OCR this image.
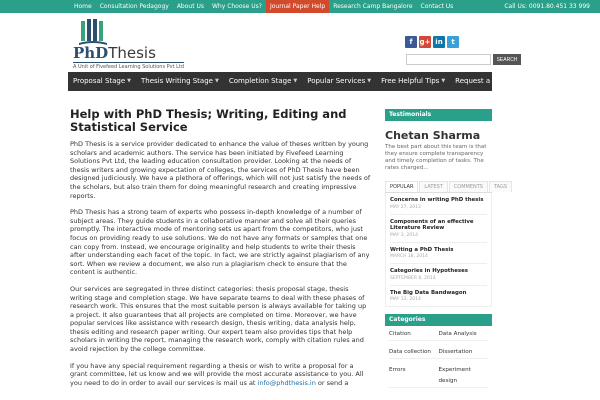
Home	Consultation Pedagogy	About Us	Why Choose Us?	Journal Paper Help	Research Camp Bangalore	Contact Us	Call Us: 0091.80.451 33 999
PhDThesis
A Unit of Fivefeed Learning Solutions Pvt Ltd
f	g+ in	t
SEARCH
Proposal Stage ▼ Thesis Writing Stage ▼ Completion Stage ▼ Popular Services ▼ Free Helpful Tips ▼ Request a Quote
Help with PhD Thesis; Writing, Editing and Statistical Service

PhD Thesis is a service provider dedicated to enhance the value of theses written by young scholars and academic authors. The service has been initiated by Fivefeed Learning Solutions Pvt Ltd, the leading education consultation provider. Looking at the needs of thesis writers and growing expectation of colleges, the services of PhD Thesis have been designed judiciously. We have a plethora of offerings, which will not just satisfy the needs of the scholars, but also train them for doing meaningful research and creating impressive reports.

PhD Thesis has a strong team of experts who possess in-depth knowledge of a number of subject areas. They guide students in a collaborative manner and solve all their queries promptly. The interactive mode of mentoring sets us apart from the competitors, who just focus on providing ready to use solutions. We do not have any formats or samples that one can copy from. Instead, we encourage originality and help students to write their thesis after understanding each facet of the topic. In fact, we are strictly against plagiarism of any sort. When we review a document, we also run a plagiarism check to ensure that the content is authentic.

Our services are segregated in three distinct categories: thesis proposal stage, thesis writing stage and completion stage. We have separate teams to deal with these phases of research work. This ensures that the most suitable person is always available for taking up a project. It also guarantees that all projects are completed on time. Moreover, we have popular services like assistance with research design, thesis writing, data analysis help, thesis editing and research paper writing. Our expert team also provides tips that help scholars in writing the report, managing the research work, comply with citation rules and avoid rejection by the college committee.

If you have any special requirement regarding a thesis or wish to write a proposal for a grant committee, let us know and we will provide the most accurate assistance to you. All you need to do in order to avail our services is mail us at info@phdthesis.in or send a

Testimonials
Chetan Sharma
The best part about this team is that they ensure complete transparency and timely completion of tasks. The rates charged...
POPULAR	LATEST	COMMENTS	TAGS
Concerns in writing PhD thesis
MAY 27, 2013
Components of an effective Literature Review
MAY 3, 2014
Writing a PhD Thesis
MARCH 18, 2014
Categories in Hypotheses
SEPTEMBER 8, 2014
The Big Data Bandwagon
MAY 12, 2014
Categories
Citation	Data Analysis
Data collection	Dissertation
Errors	Experiment design
